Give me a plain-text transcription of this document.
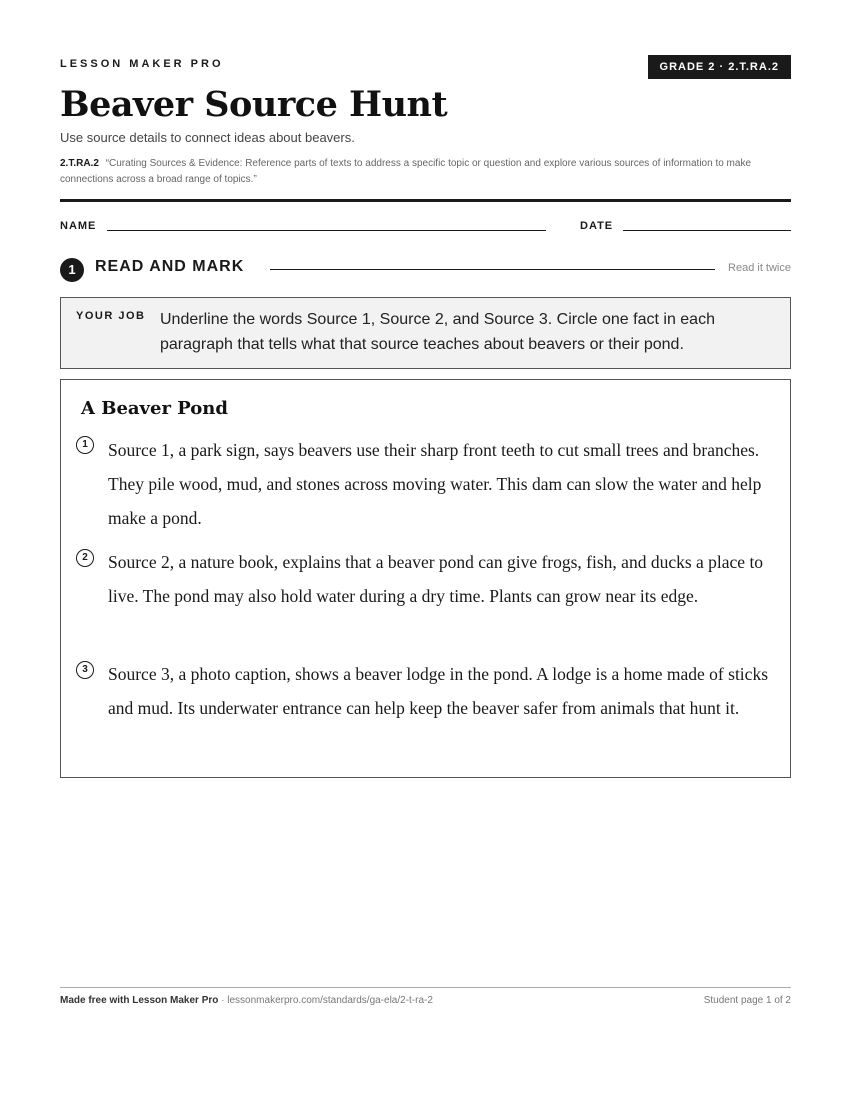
LESSON MAKER PRO	GRADE 2 · 2.T.RA.2
Beaver Source Hunt
Use source details to connect ideas about beavers.
2.T.RA.2 “Curating Sources & Evidence: Reference parts of texts to address a specific topic or question and explore various sources of information to make connections across a broad range of topics.”
NAME	DATE
1	READ AND MARK	Read it twice
YOUR JOB Underline the words Source 1, Source 2, and Source 3. Circle one fact in each paragraph that tells what that source teaches about beavers or their pond.
A Beaver Pond
1	Source 1, a park sign, says beavers use their sharp front teeth to cut small trees and branches. They pile wood, mud, and stones across moving water. This dam can slow the water and help make a pond.

2	Source 2, a nature book, explains that a beaver pond can give frogs, fish, and ducks a place to live. The pond may also hold water during a dry time. Plants can grow near its edge.

3	Source 3, a photo caption, shows a beaver lodge in the pond. A lodge is a home made of sticks and mud. Its underwater entrance can help keep the beaver safer from animals that hunt it.

Made free with Lesson Maker Pro · lessonmakerpro.com/standards/ga-ela/2-t-ra-2	Student page 1 of 2
